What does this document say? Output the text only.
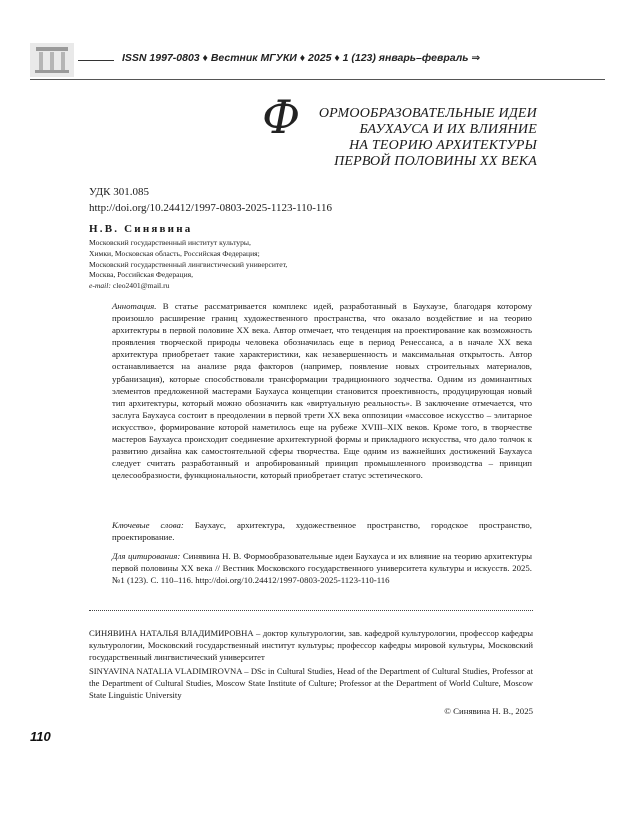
ISSN 1997-0803 ♦ Вестник МГУКИ ♦ 2025 ♦ 1 (123) январь–февраль ⇒
Ф ОРМООБРАЗОВАТЕЛЬНЫЕ ИДЕИ
БАУХАУСА И ИХ ВЛИЯНИЕ
НА ТЕОРИЮ АРХИТЕКТУРЫ
ПЕРВОЙ ПОЛОВИНЫ XX ВЕКА
УДК 301.085
http://doi.org/10.24412/1997-0803-2025-1123-110-116
Н.В. Синявина
Московский государственный институт культуры,
Химки, Московская область, Российская Федерация;
Московский государственный лингвистический университет,
Москва, Российская Федерация,
e-mail: cleo2401@mail.ru
Аннотация. В статье рассматривается комплекс идей, разработанный в Баухаузе, благодаря которому произошло расширение границ художественного пространства, что оказало воздействие и на теорию архитектуры в первой половине XX века. Автор отмечает, что тенденция на проектирование как возможность проявления творческой природы человека обозначилась еще в период Ренессанса, а в начале XX века архитектура приобретает такие характеристики, как незавершенность и максимальная открытость. Автор останавливается на анализе ряда факторов (например, появление новых строительных материалов, урбанизация), которые способствовали трансформации традиционного зодчества. Одним из доминантных элементов предложенной мастерами Баухауса концепции становится проективность, продуцирующая новый тип архитектуры, который можно обозначить как «виртуальную реальность». В заключение отмечается, что заслуга Баухауса состоит в преодолении в первой трети XX века оппозиции «массовое искусство – элитарное искусство», формирование которой наметилось еще на рубеже XVIII–XIX веков. Кроме того, в творчестве мастеров Баухауса происходит соединение архитектурной формы и прикладного искусства, что дало толчок к развитию дизайна как самостоятельной сферы творчества. Еще одним из важнейших достижений Баухауса следует считать разработанный и апробированный принцип промышленного производства – принцип целесообразности, функциональности, который приобретает статус эстетического.
Ключевые слова: Баухаус, архитектура, художественное пространство, городское пространство, проектирование.
Для цитирования: Синявина Н. В. Формообразовательные идеи Баухауса и их влияние на теорию архитектуры первой половины XX века // Вестник Московского государственного университета культуры и искусств. 2025. №1 (123). С. 110–116. http://doi.org/10.24412/1997-0803-2025-1123-110-116
СИНЯВИНА НАТАЛЬЯ ВЛАДИМИРОВНА – доктор культурологии, зав. кафедрой культурологии, профессор кафедры культурологии, Московский государственный институт культуры; профессор кафедры мировой культуры, Московский государственный лингвистический университет
SINYAVINA NATALIA VLADIMIROVNA – DSc in Cultural Studies, Head of the Department of Cultural Studies, Professor at the Department of Cultural Studies, Moscow State Institute of Culture; Professor at the Department of World Culture, Moscow State Linguistic University
© Синявина Н. В., 2025
110
